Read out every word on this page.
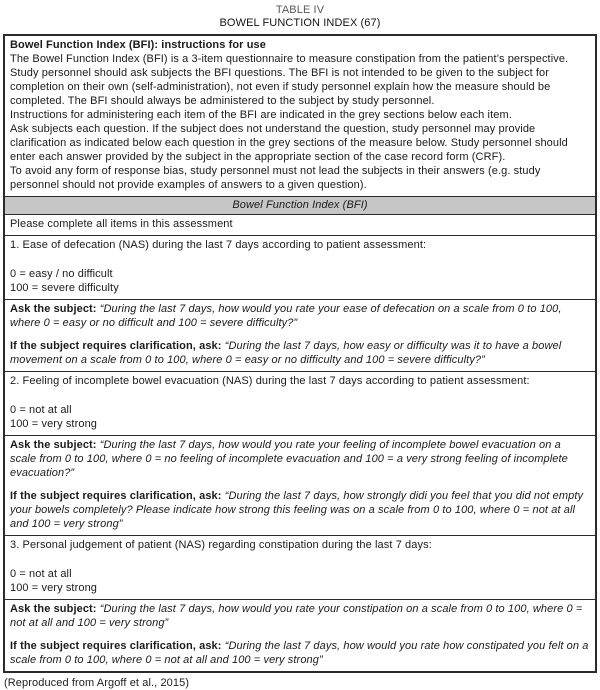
TABLE IV
BOWEL FUNCTION INDEX (67)

Bowel Function Index (BFI): instructions for use

The Bowel Function Index (BFI) is a 3-item questionnaire to measure constipation from the patient’s perspective. Study personnel should ask subjects the BFI questions. The BFI is not intended to be given to the subject for completion on their own (self-administration), not even if study personnel explain how the measure should be completed. The BFI should always be administered to the subject by study personnel.

Instructions for administering each item of the BFI are indicated in the grey sections below each item.

Ask subjects each question. If the subject does not understand the question, study personnel may provide clarification as indicated below each question in the grey sections of the measure below. Study personnel should enter each answer provided by the subject in the appropriate section of the case record form (CRF).

To avoid any form of response bias, study personnel must not lead the subjects in their answers (e.g. study personnel should not provide examples of answers to a given question).

Bowel Function Index (BFI)
Please complete all items in this assessment

1. Ease of defecation (NAS) during the last 7 days according to patient assessment:

0 = easy / no difficult

100 = severe difficulty

Ask the subject: “During the last 7 days, how would you rate your ease of defecation on a scale from 0 to 100, where 0 = easy or no difficult and 100 = severe difficulty?”

If the subject requires clarification, ask: “During the last 7 days, how easy or difficulty was it to have a bowel movement on a scale from 0 to 100, where 0 = easy or no difficulty and 100 = severe difficulty?”

2. Feeling of incomplete bowel evacuation (NAS) during the last 7 days according to patient assessment:

0 = not at all

100 = very strong

Ask the subject: “During the last 7 days, how would you rate your feeling of incomplete bowel evacuation on a scale from 0 to 100, where 0 = no feeling of incomplete evacuation and 100 = a very strong feeling of incomplete evacuation?”

If the subject requires clarification, ask: “During the last 7 days, how strongly didi you feel that you did not empty your bowels completely? Please indicate how strong this feeling was on a scale from 0 to 100, where 0 = not at all and 100 = very strong”

3. Personal judgement of patient (NAS) regarding constipation during the last 7 days:

0 = not at all

100 = very strong

Ask the subject: “During the last 7 days, how would you rate your constipation on a scale from 0 to 100, where 0 = not at all and 100 = very strong”

If the subject requires clarification, ask: “During the last 7 days, how would you rate how constipated you felt on a scale from 0 to 100, where 0 = not at all and 100 = very strong”

(Reproduced from Argoff et al., 2015)
